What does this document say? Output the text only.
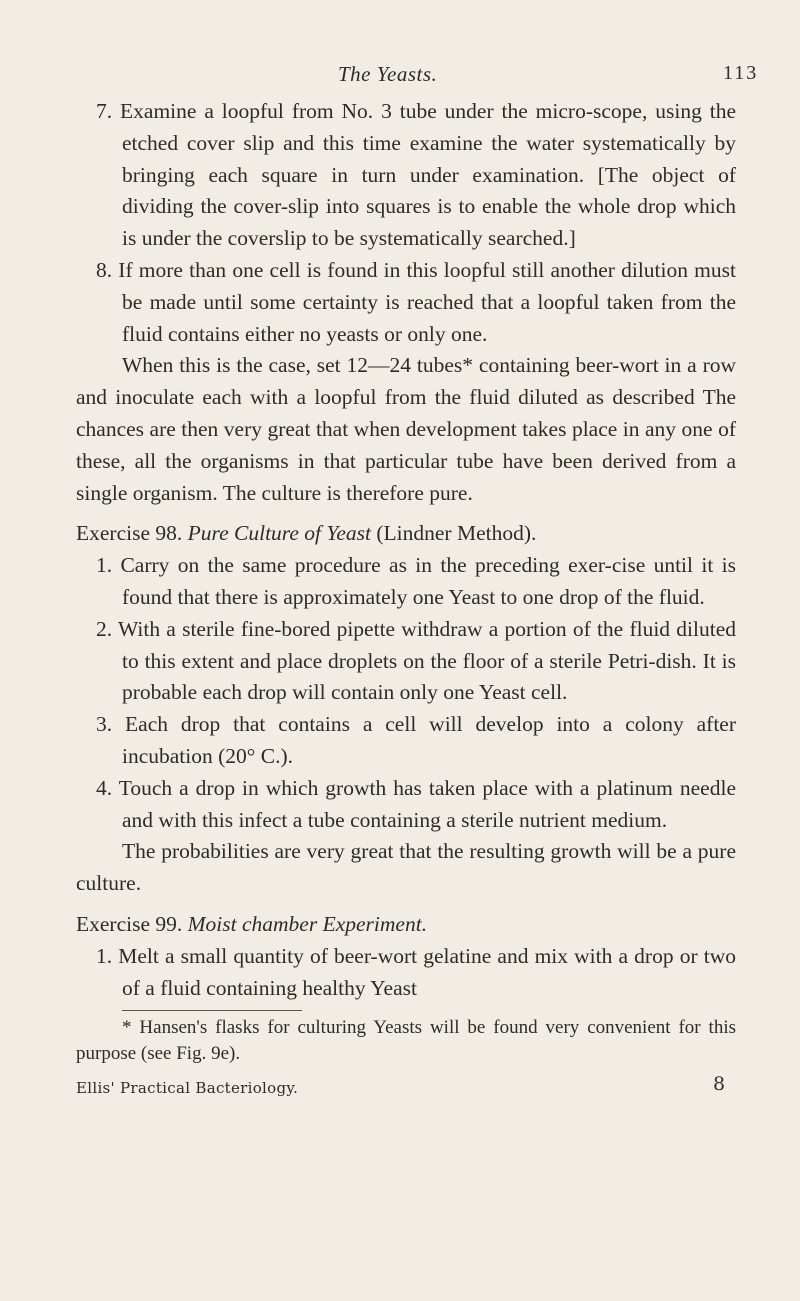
The Yeasts.	113

7. Examine a loopful from No. 3 tube under the micro-scope, using the etched cover slip and this time examine the water systematically by bringing each square in turn under examination. [The object of dividing the cover-slip into squares is to enable the whole drop which is under the coverslip to be systematically searched.]

8. If more than one cell is found in this loopful still another dilution must be made until some certainty is reached that a loopful taken from the fluid contains either no yeasts or only one.

When this is the case, set 12—24 tubes* containing beer-wort in a row and inoculate each with a loopful from the fluid diluted as described The chances are then very great that when development takes place in any one of these, all the organisms in that particular tube have been derived from a single organism. The culture is therefore pure.

Exercise 98. Pure Culture of Yeast (Lindner Method).

1. Carry on the same procedure as in the preceding exer-cise until it is found that there is approximately one Yeast to one drop of the fluid.

2. With a sterile fine-bored pipette withdraw a portion of the fluid diluted to this extent and place droplets on the floor of a sterile Petri-dish. It is probable each drop will contain only one Yeast cell.

3. Each drop that contains a cell will develop into a colony after incubation (20° C.).

4. Touch a drop in which growth has taken place with a platinum needle and with this infect a tube containing a sterile nutrient medium.

The probabilities are very great that the resulting growth will be a pure culture.

Exercise 99. Moist chamber Experiment.

1. Melt a small quantity of beer-wort gelatine and mix with a drop or two of a fluid containing healthy Yeast

* Hansen's flasks for culturing Yeasts will be found very convenient for this purpose (see Fig. 9e).

Ellis' Practical Bacteriology.	8
